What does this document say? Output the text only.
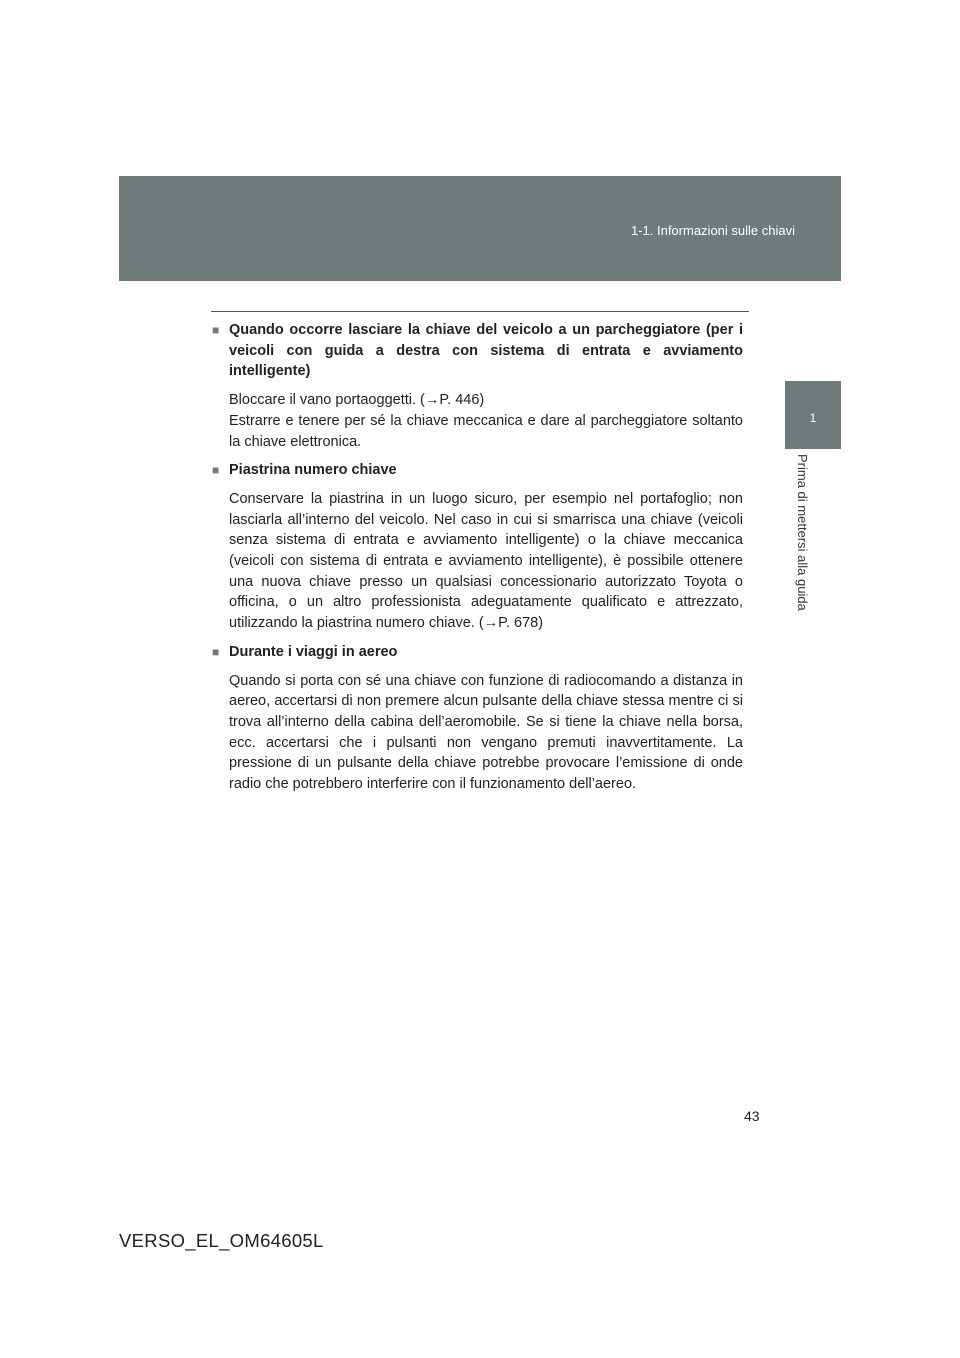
1-1. Informazioni sulle chiavi
1
Prima di mettersi alla guida
■ Quando occorre lasciare la chiave del veicolo a un parcheggiatore (per i veicoli con guida a destra con sistema di entrata e avviamento intelligente)
Bloccare il vano portaoggetti. (→P. 446)
Estrarre e tenere per sé la chiave meccanica e dare al parcheggiatore soltanto la chiave elettronica.
■ Piastrina numero chiave
Conservare la piastrina in un luogo sicuro, per esempio nel portafoglio; non lasciarla all’interno del veicolo. Nel caso in cui si smarrisca una chiave (veicoli senza sistema di entrata e avviamento intelligente) o la chiave meccanica (veicoli con sistema di entrata e avviamento intelligente), è possibile ottenere una nuova chiave presso un qualsiasi concessionario autorizzato Toyota o officina, o un altro professionista adeguatamente qualificato e attrezzato, utilizzando la piastrina numero chiave. (→P. 678)
■ Durante i viaggi in aereo
Quando si porta con sé una chiave con funzione di radiocomando a distanza in aereo, accertarsi di non premere alcun pulsante della chiave stessa mentre ci si trova all’interno della cabina dell’aeromobile. Se si tiene la chiave nella borsa, ecc. accertarsi che i pulsanti non vengano premuti inavvertitamente. La pressione di un pulsante della chiave potrebbe provocare l’emissione di onde radio che potrebbero interferire con il funzionamento dell’aereo.
43
VERSO_EL_OM64605L
